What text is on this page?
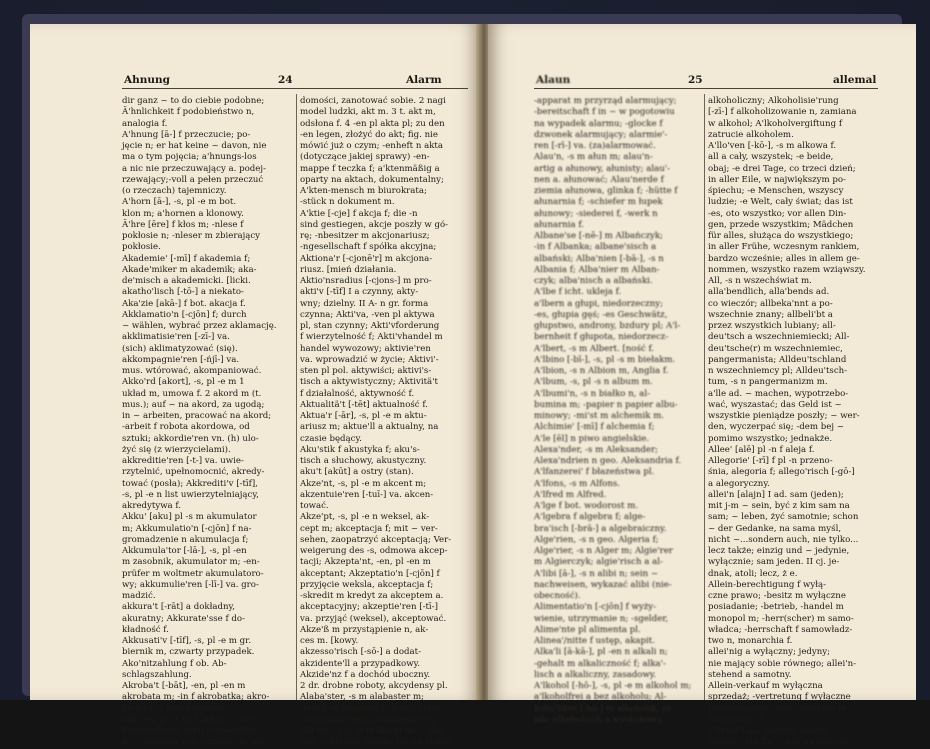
Ahnung	24	Alarm
dir ganz ~ to do ciebie podobne;
Ä'hnlichkeit f podobieństwo n,
analogia f.
A'hnung [ā-] f przeczucie; po-
jęcie n; er hat keine ~ davon, nie
ma o tym pojęcia; a'hnungs-los
a nic nie przeczuwający a. podej-
rzewający;-voll a pełen przeczuć
(o rzeczach) tajemniczy.
A'horn [ā-], -s, pl -e m bot.
klon m; a'hornen a klonowy.
Ä'hre [ēre] f kłos m; -nlese f
pokłosie n; -nleser m zbierający
pokłosie.
Akademie' [-mī] f akademia f;
Akade'miker m akademik; aka-
de'misch a akademicki. [licki.
akatho'lisch [-tō-] a niekato-
Aka'zie [akā-] f bot. akacja f.
Akklamatio'n [-cjōn] f; durch
~ wählen, wybrać przez aklamację.
akklimatisie'ren [-zī-] va.
(sich) aklimatyzować (się).
akkompagnie'ren [-ńjī-] va.
mus. wtórować, akompaniować.
Akko'rd [akort], -s, pl -e m 1
układ m, umowa f. 2 akord m (t.
mus.); auf ~ na akord, za ugodą;
in ~ arbeiten, pracować na akord;
-arbeit f robota akordowa, od
sztuki; akkordie'ren vn. (h) ulo-
żyć się (z wierzycielami).
akkreditie'ren [-t-] va. uwie-
rzytelnić, upełnomocnić, akredy-
tować (posła); Akkrediti'v [-tīf],
-s, pl -e n list uwierzytelniający,
akredytywa f.
Akku' [aku] pl -s m akumulator
m; Akkumulatio'n [-cjōn] f na-
gromadzenie n akumulacja f;
Akkumula'tor [-lā-], -s, pl -en
m zasobnik, akumulator m; -en-
prüfer m woltmetr akumulatoro-
wy; akkumulie'ren [-lī-] va. gro-
madzić.
akkura't [-rāt] a dokładny,
akuratny; Akkurate'sse f do-
kładność f.
Akkusati'v [-tīf], -s, pl -e m gr.
biernik m, czwarty przypadek.
Ako'nitzahlung f ob. Ab-
schlagszahlung.
Akroba't [-bāt], -en, pl -en m
akrobata m; -in f akrobatka; akro-
ba'tisch a akrobatyczny.
Akt, -es, pl -e m 1 akt m; ~ der
Verzweiflung, czyn rozpaczliwy;
fr. ~ nehmen von, przyjąć do wia-
domości, zanotować sobie. 2 nagi
model ludzki, akt m. 3 t. akt m,
odsłona f. 4 -en pl akta pl; zu den
-en legen, złożyć do akt; fig. nie
mówić już o czym; -enheft n akta
(dotyczące jakiej sprawy) -en-
mappe f teczka f; a'ktenmäßig a
oparty na aktach, dokumentalny;
A'kten-mensch m biurokrata;
-stück n dokument m.
A'ktie [-cje] f akcja f; die -n
sind gestiegen, akcje poszły w gó-
rę; -nbesitzer m akcjonariusz;
-ngesellschaft f spółka akcyjna;
Aktiona'r [-cjonē'r] m akcjona-
riusz. [mień działania.
Aktio'nsradius [-cjons-] m pro-
akti'v [-tīf] I a czynny, akty-
wny; dzielny. II A- n gr. forma
czynna; Akti'va, -ven pl aktywa
pl, stan czynny; Akti'vforderung
f wierzytelność f; Akti'vhandel m
handel wywozowy; aktivie'ren
va. wprowadzić w życie; Aktivi'-
sten pl pol. aktywiści; aktivi's-
tisch a aktywistyczny; Aktivitä't
f działalność, aktywność f.
Aktualitä't [-tēt] aktualność f.
Aktua'r [-ār], -s, pl -e m aktu-
ariusz m; aktue'll a aktualny, na
czasie będący.
Aku'stik f akustyka f; aku's-
tisch a słuchowy, akustyczny.
aku't [akūt] a ostry (stan).
Akze'nt, -s, pl -e m akcent m;
akzentuie'ren [-tuī-] va. akcen-
tować.
Akze'pt, -s, pl -e n weksel, ak-
cept m; akceptacja f; mit ~ ver-
sehen, zaopatrzyć akceptacją; Ver-
weigerung des -s, odmowa akcep-
tacji; Akzepta'nt, -en, pl -en m
akceptant; Akzeptatio'n [-cjōn] f
przyjęcie weksla, akceptacja f;
-skredit m kredyt za akceptem a.
akceptacyjny; akzeptie'ren [-tī-]
va. przyjąć (weksel), akceptować.
Akze'ß m przystąpienie n, ak-
ces m. [kowy.
akzesso'risch [-sō-] a dodat-
akzidente'll a przypadkowy.
Akzide'nz f a dochód uboczny.
2 dr. drobne roboty, akcydensy pl.
Alaba'ster, -s m alabaster m;
-brach m kopalnia f (łomy) alaba-
stru; alaba'stern a alabastrowy.
Ala'rm, -s pl -e m alarm m; ~ bla-
sen, schlagen, trąbić, bić na alarm;
Alaun	25	allemal
-apparat m przyrząd alarmujący;
-bereitschaft f in ~ w pogotowiu
na wypadek alarmu; -glocke f
dzwonek alarmujący; alarmie'-
ren [-rī-] va. (za)alarmować.
Alau'n, -s m ałun m; alau'n-
artig a ałunowy, ałunisty; alau'-
nen a. ałunować; Alau'nerde f
ziemia ałunowa, glinka f; -hütte f
ałunarnia f; -schiefer m łupek
ałunowy; -siederei f, -werk n
ałunarnia f.
Albane'se [-nē-] m Albańczyk;
-in f Albanka; albane'sisch a
albański; Alba'nien [-bā-], -s n
Albania f; Alba'nier m Alban-
czyk; alba'nisch a albański.
A'lbe f icht. ukleja f.
a'lbern a głupi, niedorzeczny;
-es, głupia gęś; -es Geschwätz,
głupstwo, androny, bzdury pl; A'l-
bernheit f głupota, niedorzecz-
A'lbert, -s m Albert. [ność f.
A'lbino [-bī-], -s, pl -s m biełakm.
A'lbion, -s n Albion m, Anglia f.
A'lbum, -s, pl -s n album m.
A'lbumi'n, -s n białko n, al-
bumina m; -papier n papier albu-
minowy; -mi'st m alchemik m.
Alchimie' [-mī] f alchemia f;
A'le [ēl] n piwo angielskie.
Alexa'nder, -s m Aleksander;
Alexa'ndrien n geo. Aleksandria f.
A'lfanzerei' f błazeństwa pl.
A'lfons, -s m Alfons.
A'lfred m Alfred.
A'lge f bot. wodorost m.
A'lgebra f algebra f; alge-
bra'isch [-brā-] a algebraiczny.
Alge'rien, -s n geo. Algeria f;
Alge'rier, -s n Alger m; Algie'rer
m Algierczyk; algie'risch a al-
A'libi [ā-], -s n alibi n; sein ~
nachweisen, wykazać alibi (nie-
obecność).
Alimentatio'n [-cjōn] f wyży-
wienie, utrzymanie n; -sgelder,
Alime'nte pl alimenta pl.
Alinea'/nitte f ustęp, akapit.
Alka'li [ā-kā-], pl -en n alkali n;
-gehalt m alkaliczność f; alka'-
lisch a alkaliczny, zasadowy.
A'lkohol [-hō-], -s, pl -e m alkohol m;
a'lkoholfrei a bez alkoholu; Al-
koho'liker [-hō-] m alkoholik, pi-
jak; alkoholisch a wyskokowy,
alkoholiczny; Alkoholisie'rung
[-zī-] f alkoholizowanie n, zamiana
w alkohol; A'lkoholvergiftung f
zatrucie alkoholem.
A'llo'ven [-kō-], -s m alkowa f.
all a cały, wszystek; -e beide,
obaj; -e drei Tage, co trzeci dzień;
in aller Eile, w największym po-
śpiechu; -e Menschen, wszyscy
ludzie; -e Welt, cały świat; das ist
-es, oto wszystko; vor allen Din-
gen, przede wszystkim; Mädchen
für alles, służąca do wszystkiego;
in aller Frühe, wczesnym rankiem,
bardzo wcześnie; alles in allem ge-
nommen, wszystko razem wziąwszy.
All, -s n wszechświat m.
alla'bendlich, alla'bends ad.
co wieczór; allbeka'nnt a po-
wszechnie znany; allbeli'bt a
przez wszystkich lubiany; all-
deu'tsch a wszechniemiecki; All-
deu'tsche(r) m wszechniemiec,
pangermanista; Alldeu'tschland
n wszechniemcy pl; Alldeu'tsch-
tum, -s n pangermanizm m.
a'lle ad. ~ machen, wypotrzebo-
wać, wyszastać; das Geld ist ~
wszystkie pieniądze poszły; ~ wer-
den, wyczerpać się; -dem bej ~
pomimo wszystko; jednakże.
Allee' [alē] pl -n f aleja f.
Allegorie' [-rī] f pl -n przeno-
śnia, alegoria f; allego'risch [-gō-]
a alegoryczny.
allei'n [alajn] I ad. sam (jeden);
mit j-m ~ sein, być z kim sam na
sam; ~ leben, żyć samotnie; schon
~ der Gedanke, na sama myśl,
nicht ~...sondern auch, nie tylko...
lecz także; einzig und ~ jedynie,
wyłącznie; sam jeden. II cj. je-
dnak, atoli; lecz, ż e.
Allein-berechtigung f wyłą-
czne prawo; -besitz m wyłączne
posiadanie; -betrieb, -handel m
monopol m; -herr(scher) m samo-
władca; -herrschaft f samowładz-
two n, monarchia f.
allei'nig a wyłączny; jedyny;
nie mający sobie równego; allei'n-
stehend a samotny.
Allein-verkauf m wyłączna
sprzedaż; -vertretung f wyłączne
przedstawicielstwo; -vertrieb m
wyłączność f.
a'llema'l ad. zawsze; każdo-
razowo; ein für ~ raz na zawsze.
